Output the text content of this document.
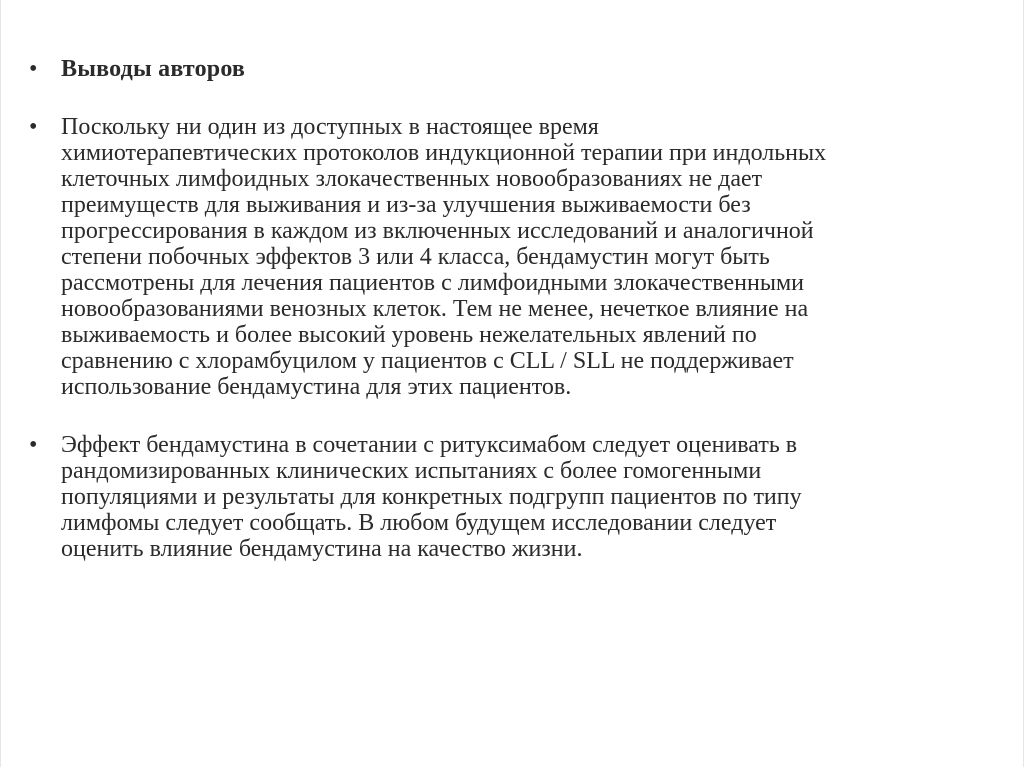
• Выводы авторов
• Поскольку ни один из доступных в настоящее время
химиотерапевтических протоколов индукционной терапии при индольных
клеточных лимфоидных злокачественных новообразованиях не дает
преимуществ для выживания и из-за улучшения выживаемости без
прогрессирования в каждом из включенных исследований и аналогичной
степени побочных эффектов 3 или 4 класса, бендамустин могут быть
рассмотрены для лечения пациентов с лимфоидными злокачественными
новообразованиями венозных клеток. Тем не менее, нечеткое влияние на
выживаемость и более высокий уровень нежелательных явлений по
сравнению с хлорамбуцилом у пациентов с CLL / SLL не поддерживает
использование бендамустина для этих пациентов.
• Эффект бендамустина в сочетании с ритуксимабом следует оценивать в
рандомизированных клинических испытаниях с более гомогенными
популяциями и результаты для конкретных подгрупп пациентов по типу
лимфомы следует сообщать. В любом будущем исследовании следует
оценить влияние бендамустина на качество жизни.
